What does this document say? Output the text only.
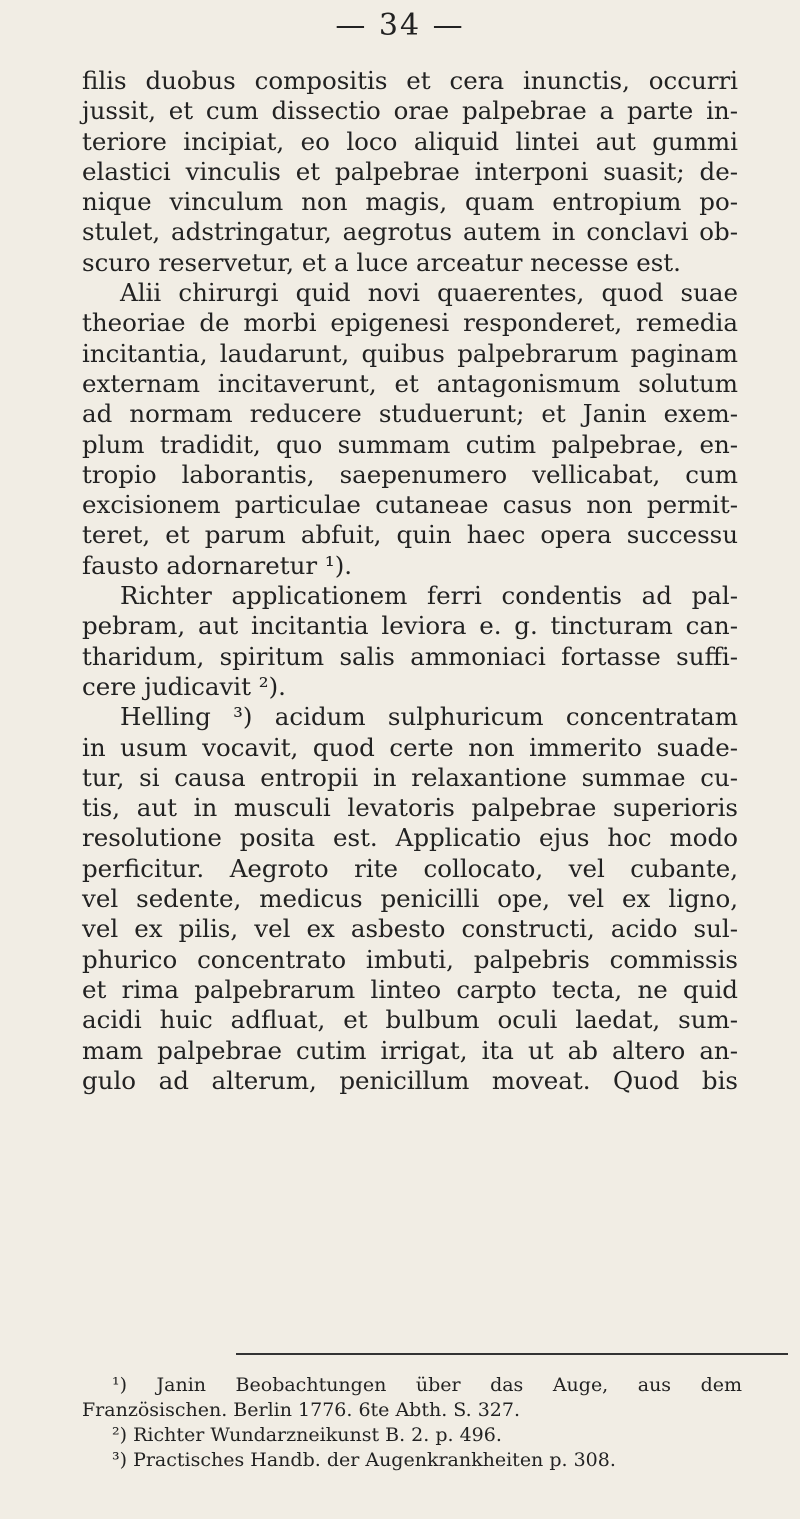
— 34 —
filis duobus compositis et cera inunctis, occurri
jussit, et cum dissectio orae palpebrae a parte in-
teriore incipiat, eo loco aliquid lintei aut gummi
elastici vinculis et palpebrae interponi suasit; de-
nique vinculum non magis, quam entropium po-
stulet, adstringatur, aegrotus autem in conclavi ob-
scuro reservetur, et a luce arceatur necesse est.
Alii chirurgi quid novi quaerentes, quod suae
theoriae de morbi epigenesi responderet, remedia
incitantia, laudarunt, quibus palpebrarum paginam
externam incitaverunt, et antagonismum solutum
ad normam reducere studuerunt; et Janin exem-
plum tradidit, quo summam cutim palpebrae, en-
tropio laborantis, saepenumero vellicabat, cum
excisionem particulae cutaneae casus non permit-
teret, et parum abfuit, quin haec opera successu
fausto adornaretur ¹).
Richter applicationem ferri condentis ad pal-
pebram, aut incitantia leviora e. g. tincturam can-
tharidum, spiritum salis ammoniaci fortasse suffi-
cere judicavit ²).
Helling ³) acidum sulphuricum concentratam
in usum vocavit, quod certe non immerito suade-
tur, si causa entropii in relaxantione summae cu-
tis, aut in musculi levatoris palpebrae superioris
resolutione posita est. Applicatio ejus hoc modo
perficitur. Aegroto rite collocato, vel cubante,
vel sedente, medicus penicilli ope, vel ex ligno,
vel ex pilis, vel ex asbesto constructi, acido sul-
phurico concentrato imbuti, palpebris commissis
et rima palpebrarum linteo carpto tecta, ne quid
acidi huic adfluat, et bulbum oculi laedat, sum-
mam palpebrae cutim irrigat, ita ut ab altero an-
gulo ad alterum, penicillum moveat. Quod bis
¹) Janin Beobachtungen über das Auge, aus dem
Französischen. Berlin 1776. 6te Abth. S. 327.
²) Richter Wundarzneikunst B. 2. p. 496.
³) Practisches Handb. der Augenkrankheiten p. 308.
